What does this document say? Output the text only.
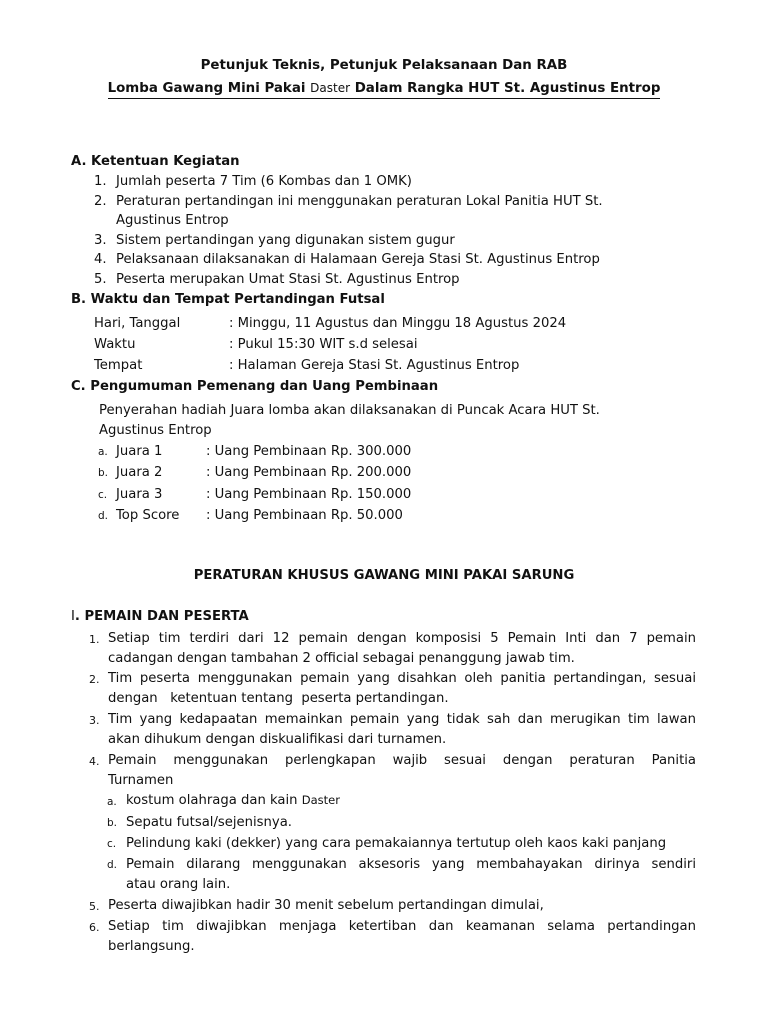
Petunjuk Teknis, Petunjuk Pelaksanaan Dan RAB
Lomba Gawang Mini Pakai Daster Dalam Rangka HUT St. Agustinus Entrop
A. Ketentuan Kegiatan
1. Jumlah peserta 7 Tim (6 Kombas dan 1 OMK)
2. Peraturan pertandingan ini menggunakan peraturan Lokal Panitia HUT St.
Agustinus Entrop
3. Sistem pertandingan yang digunakan sistem gugur
4. Pelaksanaan dilaksanakan di Halamaan Gereja Stasi St. Agustinus Entrop
5. Peserta merupakan Umat Stasi St. Agustinus Entrop
B. Waktu dan Tempat Pertandingan Futsal
Hari, Tanggal	: Minggu, 11 Agustus dan Minggu 18 Agustus 2024
Waktu	: Pukul 15:30 WIT s.d selesai
Tempat	: Halaman Gereja Stasi St. Agustinus Entrop
C. Pengumuman Pemenang dan Uang Pembinaan
Penyerahan hadiah Juara lomba akan dilaksanakan di Puncak Acara HUT St.
Agustinus Entrop
a. Juara 1	: Uang Pembinaan Rp. 300.000
b. Juara 2	: Uang Pembinaan Rp. 200.000
c. Juara 3	: Uang Pembinaan Rp. 150.000
d. Top Score : Uang Pembinaan Rp. 50.000
PERATURAN KHUSUS GAWANG MINI PAKAI SARUNG
I. PEMAIN DAN PESERTA
1. Setiap tim terdiri dari 12 pemain dengan komposisi 5 Pemain Inti dan 7 pemain
cadangan dengan tambahan 2 official sebagai penanggung jawab tim.
2. Tim peserta menggunakan pemain yang disahkan oleh panitia pertandingan, sesuai
dengan   ketentuan tentang  peserta pertandingan.
3. Tim yang kedapaatan memainkan pemain yang tidak sah dan merugikan tim lawan
akan dihukum dengan diskualifikasi dari turnamen.
4. Pemain menggunakan perlengkapan wajib sesuai dengan peraturan Panitia
Turnamen
a. kostum olahraga dan kain Daster
b. Sepatu futsal/sejenisnya.
c. Pelindung kaki (dekker) yang cara pemakaiannya tertutup oleh kaos kaki panjang
d. Pemain dilarang menggunakan aksesoris yang membahayakan dirinya sendiri
atau orang lain.
5. Peserta diwajibkan hadir 30 menit sebelum pertandingan dimulai,
6. Setiap tim diwajibkan menjaga ketertiban dan keamanan selama pertandingan
berlangsung.
